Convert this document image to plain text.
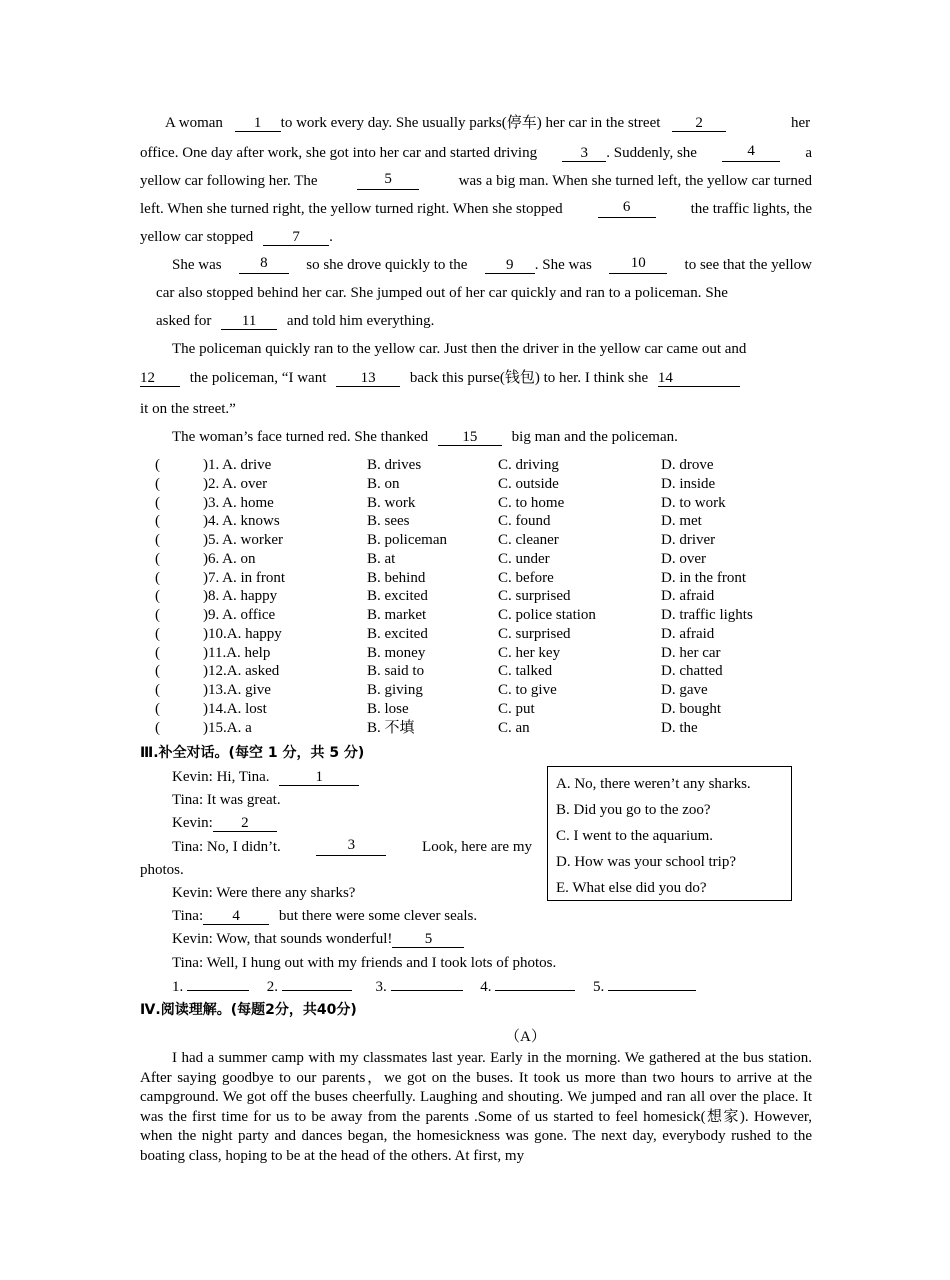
A woman 1 to work every day. She usually parks(停车) her car in the street 2	her
office. One day after work, she got into her car and started driving	3 . Suddenly, she	4	a
yellow car following her. The	5	was a big man. When she turned left, the yellow car turned
left. When she turned right, the yellow turned right. When she stopped	6	the traffic lights, the
yellow car stopped	7 .
She was	8	so she drove quickly to the	9 . She was	10	to see that the yellow
car also stopped behind her car. She jumped out of her car quickly and ran to a policeman. She
asked for 11 and told him everything.
The policeman quickly ran to the yellow car. Just then the driver in the yellow car came out and
12 the policeman, “I want 13 back this purse(钱包) to her. I think she 14
it on the street.”
The woman’s face turned red. She thanked 15 big man and the policeman.
(	)1. A. drive	B. drives	C. driving	D. drove
(	)2. A. over	B. on	C. outside	D. inside
(	)3. A. home	B. work	C. to home	D. to work
(	)4. A. knows	B. sees	C. found	D. met
(	)5. A. worker	B. policeman	C. cleaner	D. driver
(	)6. A. on	B. at	C. under	D. over
(	)7. A. in front	B. behind	C. before	D. in the front
(	)8. A. happy	B. excited	C. surprised	D. afraid
(	)9. A. office	B. market	C. police station	D. traffic lights
(	)10.A. happy	B. excited	C. surprised	D. afraid
(	)11.A. help	B. money	C. her key	D. her car
(	)12.A. asked	B. said to	C. talked	D. chatted
(	)13.A. give	B. giving	C. to give	D. gave
(	)14.A. lost	B. lose	C. put	D. bought
(	)15.A. a	B. 不填	C. an	D. the
Ⅲ.补全对话。(每空 1 分，共 5 分)
Kevin: Hi, Tina.	1
Tina: It was great.
Kevin: 2
Tina: No, I didn’t.	3	Look, here are my
photos.
Kevin: Were there any sharks?
Tina: 4	but there were some clever seals.
Kevin: Wow, that sounds wonderful! 5
Tina: Well, I hung out with my friends and I took lots of photos.
1.	2.	3.	4.	5.
A. No, there weren’t any sharks.
B. Did you go to the zoo?
C. I went to the aquarium.
D. How was your school trip?
E. What else did you do?
Ⅳ.阅读理解。(每题2分，共40分)
（A）
I had a summer camp with my classmates last year. Early in the morning. We gathered at the bus station. After saying goodbye to our parents，we got on the buses. It took us more than two hours to arrive at the campground. We got off the buses cheerfully. Laughing and shouting. We jumped and ran all over the place. It was the first time for us to be away from the parents .Some of us started to feel homesick(想家). However, when the night party and dances began, the homesickness was gone. The next day, everybody rushed to the boating class, hoping to be at the head of the others. At first, my
